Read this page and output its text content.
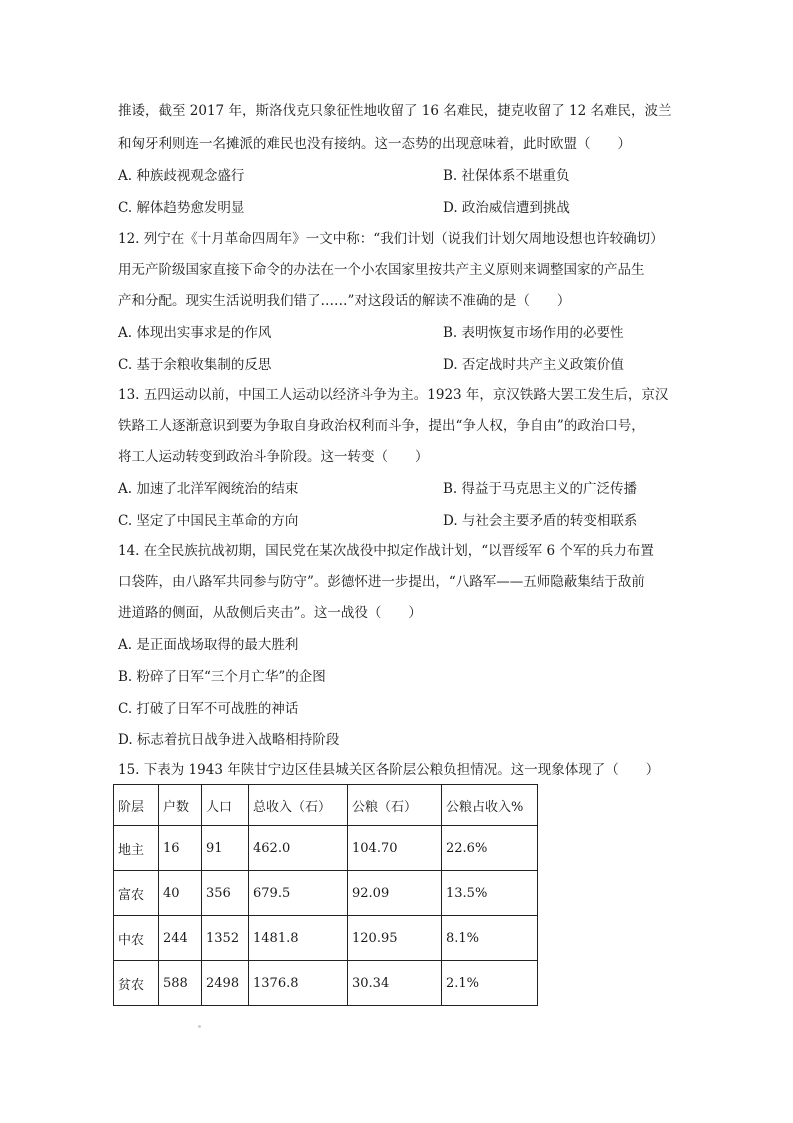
推诿，截至 2017 年，斯洛伐克只象征性地收留了 16 名难民，捷克收留了 12 名难民，波兰
和匈牙利则连一名摊派的难民也没有接纳。这一态势的出现意味着，此时欧盟（　　）
A. 种族歧视观念盛行	B. 社保体系不堪重负
C. 解体趋势愈发明显	D. 政治威信遭到挑战
12. 列宁在《十月革命四周年》一文中称：“我们计划（说我们计划欠周地设想也许较确切）
用无产阶级国家直接下命令的办法在一个小农国家里按共产主义原则来调整国家的产品生
产和分配。现实生活说明我们错了……”对这段话的解读不准确的是（　　）
A. 体现出实事求是的作风	B. 表明恢复市场作用的必要性
C. 基于余粮收集制的反思	D. 否定战时共产主义政策价值
13. 五四运动以前，中国工人运动以经济斗争为主。1923 年，京汉铁路大罢工发生后，京汉
铁路工人逐渐意识到要为争取自身政治权利而斗争，提出“争人权，争自由”的政治口号，
将工人运动转变到政治斗争阶段。这一转变（　　）
A. 加速了北洋军阀统治的结束	B. 得益于马克思主义的广泛传播
C. 坚定了中国民主革命的方向	D. 与社会主要矛盾的转变相联系
14. 在全民族抗战初期，国民党在某次战役中拟定作战计划，“以晋绥军 6 个军的兵力布置
口袋阵，由八路军共同参与防守”。彭德怀进一步提出，“八路军——五师隐蔽集结于敌前
进道路的侧面，从敌侧后夹击”。这一战役（　　）
A. 是正面战场取得的最大胜利
B. 粉碎了日军“三个月亡华”的企图
C. 打破了日军不可战胜的神话
D. 标志着抗日战争进入战略相持阶段
15. 下表为 1943 年陕甘宁边区佳县城关区各阶层公粮负担情况。这一现象体现了（　　）
阶层	户数	人口	总收入（石）	公粮（石）	公粮占收入%
地主	16	91	462.0	104.70	22.6%
富农	40	356	679.5	92.09	13.5%
中农	244	1352	1481.8	120.95	8.1%
贫农	588	2498	1376.8	30.34	2.1%
